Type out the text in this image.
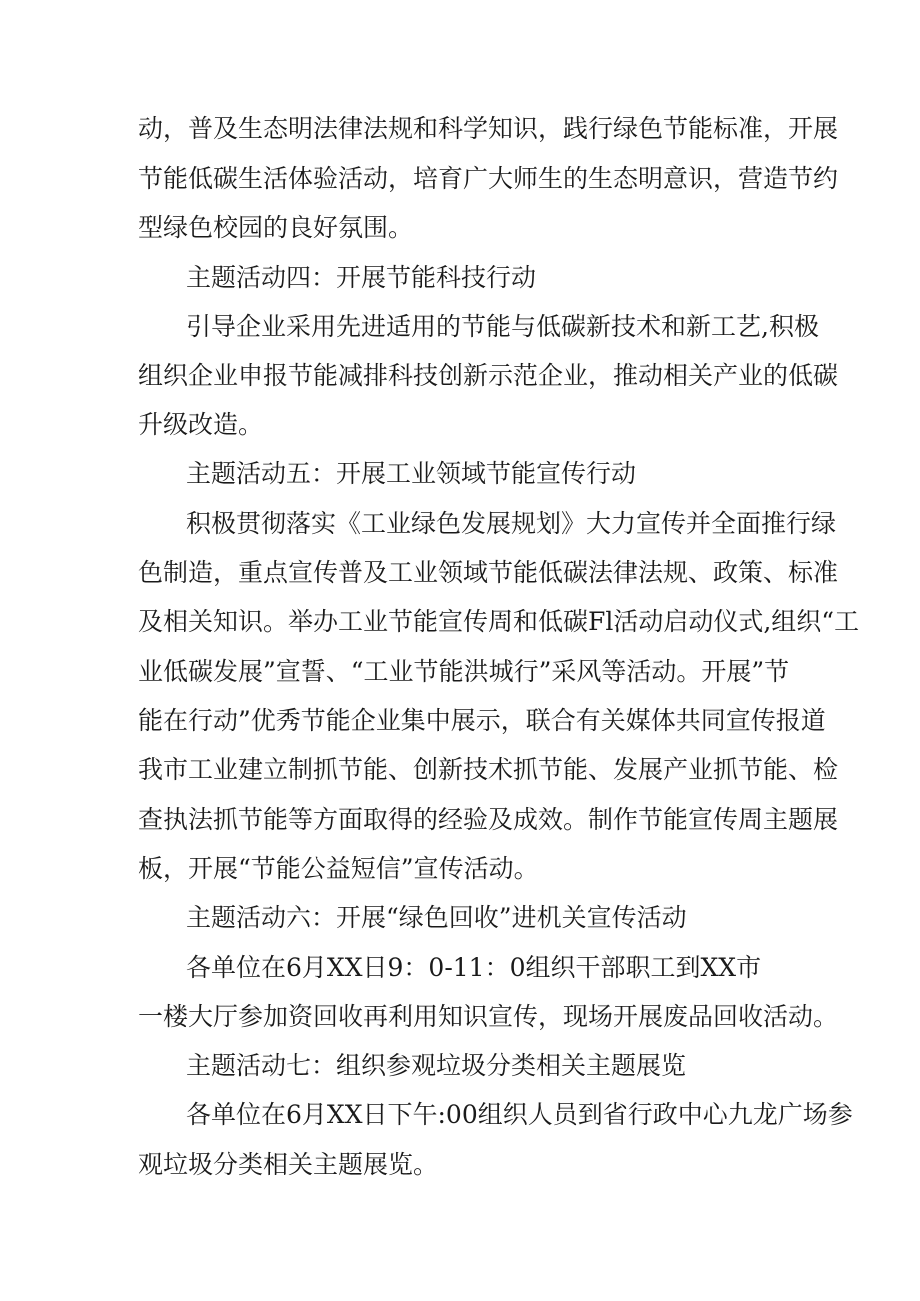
动，普及生态明法律法规和科学知识，践行绿色节能标准，开展
节能低碳生活体验活动，培育广大师生的生态明意识，营造节约
型绿色校园的良好氛围。
主题活动四：开展节能科技行动
引导企业采用先进适用的节能与低碳新技术和新工艺,积极
组织企业申报节能减排科技创新示范企业，推动相关产业的低碳
升级改造。
主题活动五：开展工业领域节能宣传行动
积极贯彻落实《工业绿色发展规划》大力宣传并全面推行绿
色制造，重点宣传普及工业领域节能低碳法律法规、政策、标准
及相关知识。举办工业节能宣传周和低碳Fl活动启动仪式,组织“工
业低碳发展”宣誓、“工业节能洪城行”采风等活动。开展”节
能在行动”优秀节能企业集中展示，联合有关媒体共同宣传报道
我市工业建立制抓节能、创新技术抓节能、发展产业抓节能、检
查执法抓节能等方面取得的经验及成效。制作节能宣传周主题展
板，开展“节能公益短信”宣传活动。
主题活动六：开展“绿色回收”进机关宣传活动
各单位在6月XX日9：0-11：0组织干部职工到XX市
一楼大厅参加资回收再利用知识宣传，现场开展废品回收活动。
主题活动七：组织参观垃圾分类相关主题展览
各单位在6月XX日下午:00组织人员到省行政中心九龙广场参
观垃圾分类相关主题展览。
